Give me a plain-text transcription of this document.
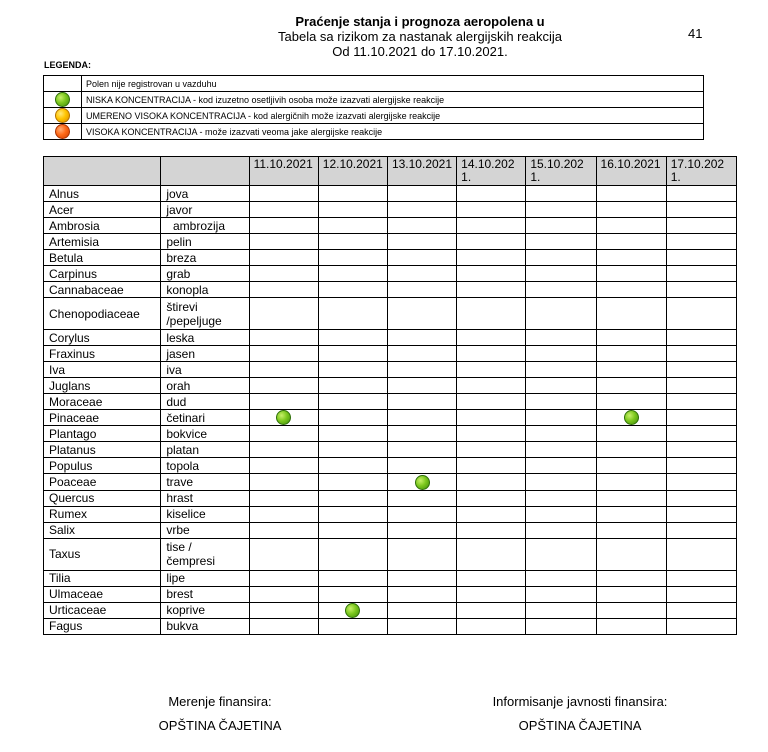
Praćenje stanja i prognoza aeropolena u
Tabela sa rizikom za nastanak alergijskih reakcija
Od 11.10.2021 do 17.10.2021.
41
LEGENDA:
	Polen nije registrovan u vazduhu
	NISKA KONCENTRACIJA - kod izuzetno osetljivih osoba može izazvati alergijske reakcije
	UMERENO VISOKA KONCENTRACIJA - kod alergičnih može izazvati alergijske reakcije
	VISOKA KONCENTRACIJA - može izazvati veoma jake alergijske reakcije
		11.10.2021	12.10.2021	13.10.2021	14.10.2021.	15.10.2021.	16.10.2021	17.10.2021.
Alnus	jova							
Acer	javor							
Ambrosia	ambrozija							
Artemisia	pelin							
Betula	breza							
Carpinus	grab							
Cannabaceae	konopla							
Chenopodiaceae	štirevi /pepeljuge							
Corylus	leska							
Fraxinus	jasen							
Iva	iva							
Juglans	orah							
Moraceae	dud							
Pinaceae	četinari							
Plantago	bokvice							
Platanus	platan							
Populus	topola							
Poaceae	trave							
Quercus	hrast							
Rumex	kiselice							
Salix	vrbe							
Taxus	tise / čempresi							
Tilia	lipe							
Ulmaceae	brest							
Urticaceae	koprive							
Fagus	bukva							
Merenje finansira:
OPŠTINA ČAJETINA
Informisanje javnosti finansira:
OPŠTINA ČAJETINA
